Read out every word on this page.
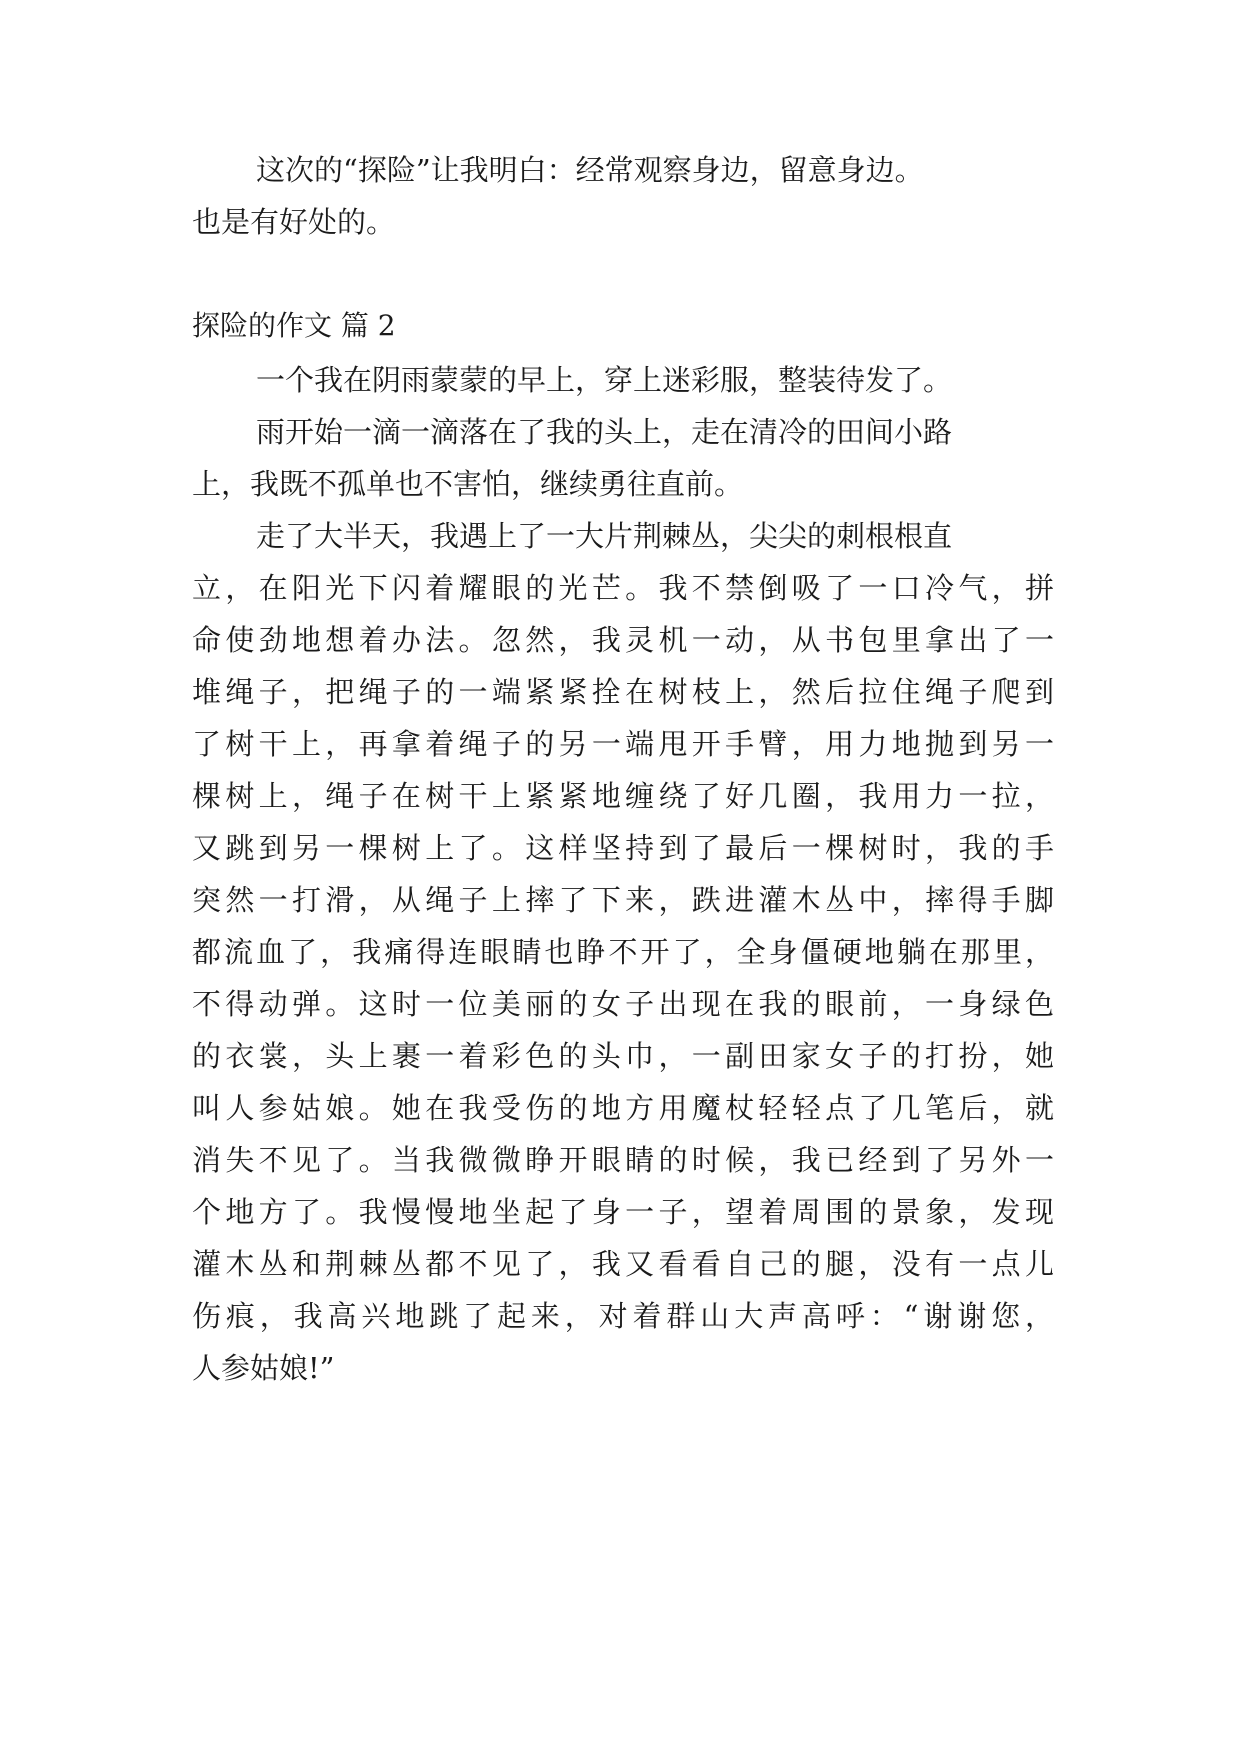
这次的“探险”让我明白：经常观察身边，留意身边。
也是有好处的。
探险的作文 篇 2
一个我在阴雨蒙蒙的早上，穿上迷彩服，整装待发了。
雨开始一滴一滴落在了我的头上，走在清冷的田间小路
上，我既不孤单也不害怕，继续勇往直前。
走了大半天，我遇上了一大片荆棘丛，尖尖的刺根根直
立，在阳光下闪着耀眼的光芒。我不禁倒吸了一口冷气，拼
命使劲地想着办法。忽然，我灵机一动，从书包里拿出了一
堆绳子，把绳子的一端紧紧拴在树枝上，然后拉住绳子爬到
了树干上，再拿着绳子的另一端甩开手臂，用力地抛到另一
棵树上，绳子在树干上紧紧地缠绕了好几圈，我用力一拉，
又跳到另一棵树上了。这样坚持到了最后一棵树时，我的手
突然一打滑，从绳子上摔了下来，跌进灌木丛中，摔得手脚
都流血了，我痛得连眼睛也睁不开了，全身僵硬地躺在那里，
不得动弹。这时一位美丽的女子出现在我的眼前，一身绿色
的衣裳，头上裹一着彩色的头巾，一副田家女子的打扮，她
叫人参姑娘。她在我受伤的地方用魔杖轻轻点了几笔后，就
消失不见了。当我微微睁开眼睛的时候，我已经到了另外一
个地方了。我慢慢地坐起了身一子，望着周围的景象，发现
灌木丛和荆棘丛都不见了，我又看看自己的腿，没有一点儿
伤痕，我高兴地跳了起来，对着群山大声高呼：“谢谢您，
人参姑娘!”
